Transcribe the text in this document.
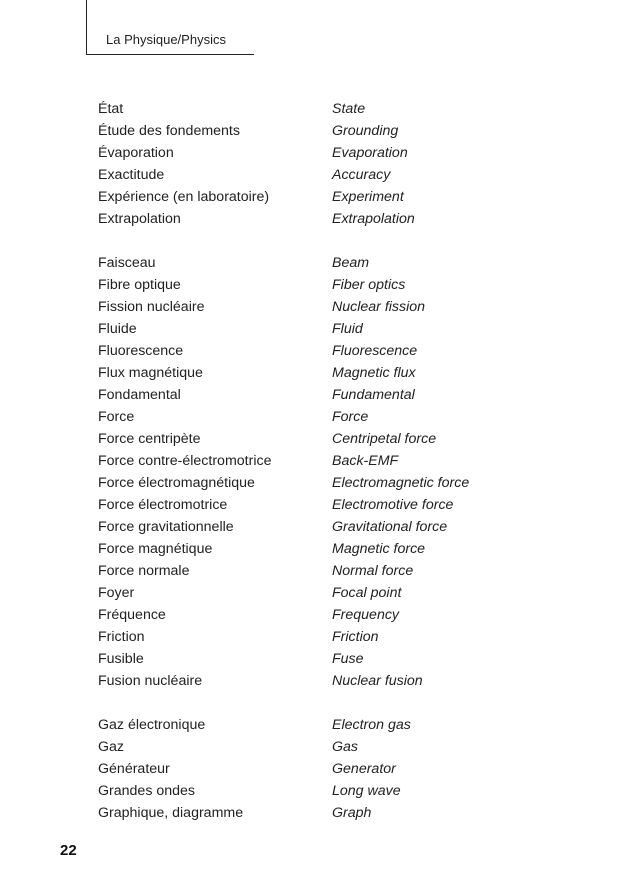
La Physique/Physics
État	State
Étude des fondements	Grounding
Évaporation	Evaporation
Exactitude	Accuracy
Expérience (en laboratoire)	Experiment
Extrapolation	Extrapolation
Faisceau	Beam
Fibre optique	Fiber optics
Fission nucléaire	Nuclear fission
Fluide	Fluid
Fluorescence	Fluorescence
Flux magnétique	Magnetic flux
Fondamental	Fundamental
Force	Force
Force centripète	Centripetal force
Force contre-électromotrice	Back-EMF
Force électromagnétique	Electromagnetic force
Force électromotrice	Electromotive force
Force gravitationnelle	Gravitational force
Force magnétique	Magnetic force
Force normale	Normal force
Foyer	Focal point
Fréquence	Frequency
Friction	Friction
Fusible	Fuse
Fusion nucléaire	Nuclear fusion
Gaz électronique	Electron gas
Gaz	Gas
Générateur	Generator
Grandes ondes	Long wave
Graphique, diagramme	Graph
22
